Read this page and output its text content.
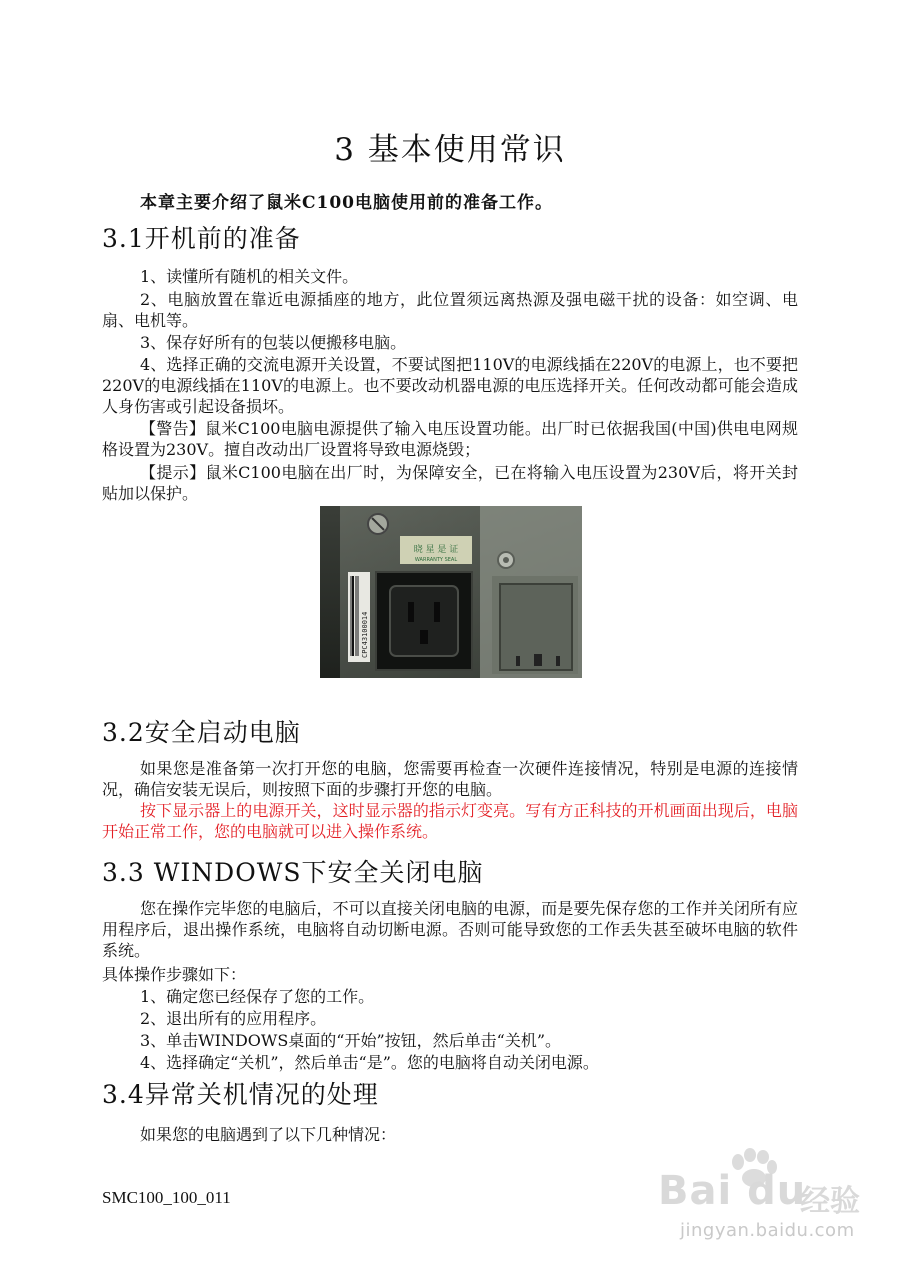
3 基本使用常识
本章主要介绍了鼠米C100电脑使用前的准备工作。
3.1开机前的准备
1、读懂所有随机的相关文件。
2、电脑放置在靠近电源插座的地方，此位置须远离热源及强电磁干扰的设备：如空调、电扇、电机等。
3、保存好所有的包装以便搬移电脑。
4、选择正确的交流电源开关设置，不要试图把110V的电源线插在220V的电源上，也不要把220V的电源线插在110V的电源上。也不要改动机器电源的电压选择开关。任何改动都可能会造成人身伤害或引起设备损坏。
【警告】鼠米C100电脑电源提供了输入电压设置功能。出厂时已依据我国(中国)供电电网规格设置为230V。擅自改动出厂设置将导致电源烧毁；
【提示】鼠米C100电脑在出厂时，为保障安全，已在将输入电压设置为230V后，将开关封贴加以保护。
晓 星 是 证
WARRANTY SEAL
CPC43100014
3.2安全启动电脑
如果您是准备第一次打开您的电脑，您需要再检查一次硬件连接情况，特别是电源的连接情况，确信安装无误后，则按照下面的步骤打开您的电脑。
按下显示器上的电源开关，这时显示器的指示灯变亮。写有方正科技的开机画面出现后，电脑开始正常工作，您的电脑就可以进入操作系统。
3.3 WINDOWS下安全关闭电脑
您在操作完毕您的电脑后，不可以直接关闭电脑的电源，而是要先保存您的工作并关闭所有应用程序后，退出操作系统，电脑将自动切断电源。否则可能导致您的工作丢失甚至破坏电脑的软件系统。
具体操作步骤如下：
1、确定您已经保存了您的工作。
2、退出所有的应用程序。
3、单击WINDOWS桌面的“开始”按钮，然后单击“关机”。
4、选择确定“关机”，然后单击“是”。您的电脑将自动关闭电源。
3.4异常关机情况的处理
如果您的电脑遇到了以下几种情况：
SMC100_100_011	Bai du
经验
jingyan.baidu.com
